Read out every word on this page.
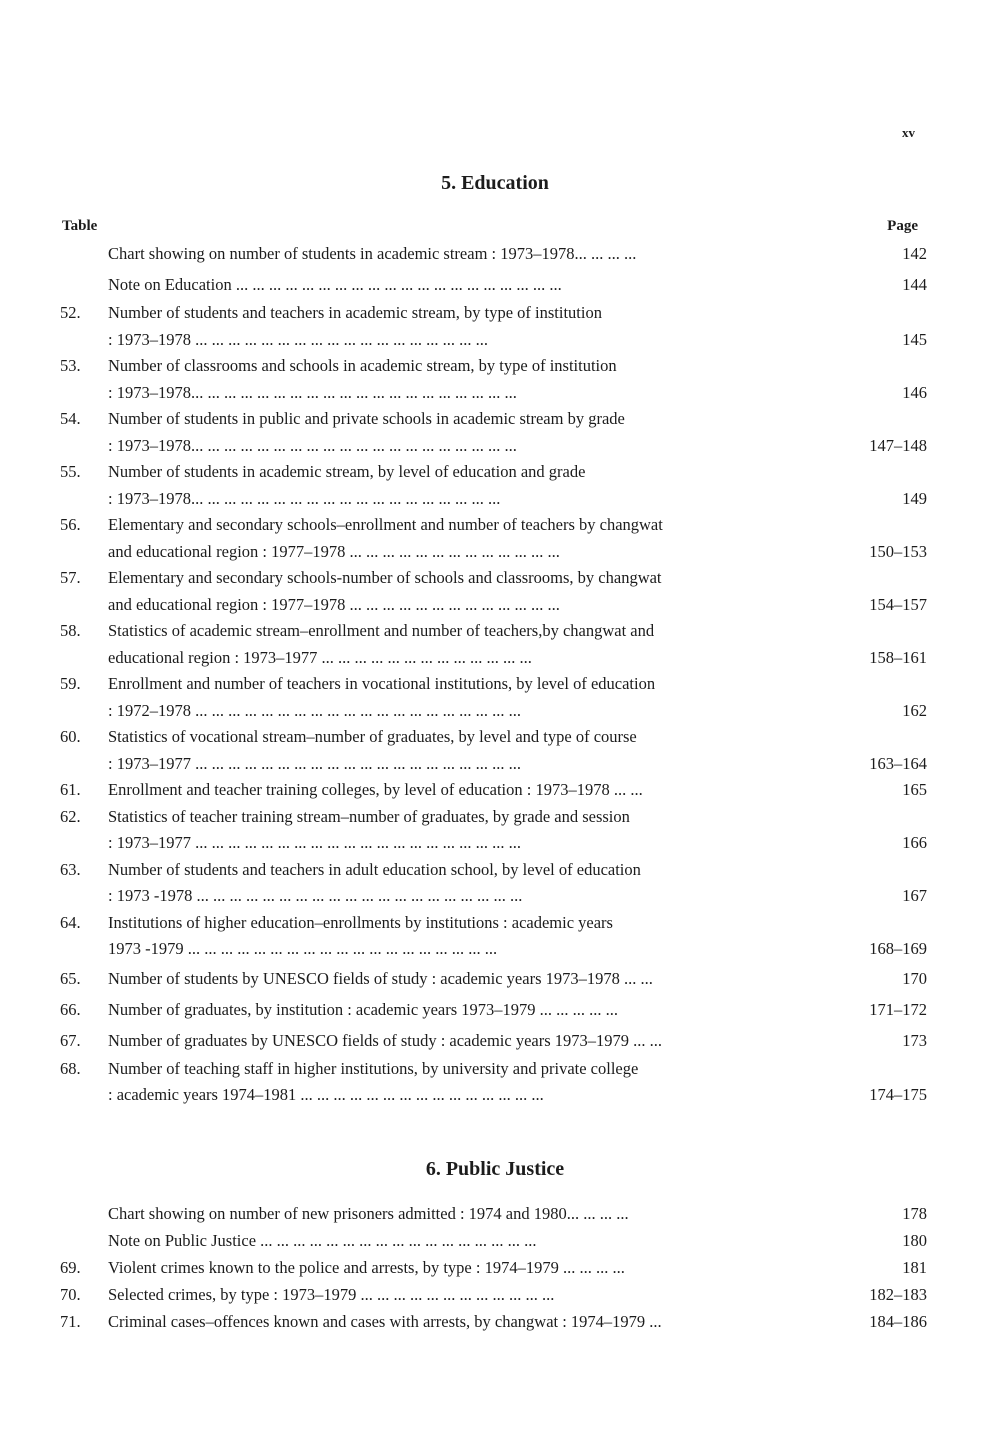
xv
5. Education
Table	Page
Chart showing on number of students in academic stream : 1973–1978... ... ... ...	142
Note on Education ... ... ... ... ... ... ... ... ... ... ... ... ... ... ... ... ... ... ... ...	144
52.	Number of students and teachers in academic stream, by type of institution
: 1973–1978 ... ... ... ... ... ... ... ... ... ... ... ... ... ... ... ... ... ...	145
53.	Number of classrooms and schools in academic stream, by type of institution
: 1973–1978... ... ... ... ... ... ... ... ... ... ... ... ... ... ... ... ... ... ... ...	146
54.	Number of students in public and private schools in academic stream by grade
: 1973–1978... ... ... ... ... ... ... ... ... ... ... ... ... ... ... ... ... ... ... ...	147–148
55.	Number of students in academic stream, by level of education and grade
: 1973–1978... ... ... ... ... ... ... ... ... ... ... ... ... ... ... ... ... ... ...	149
56.	Elementary and secondary schools–enrollment and number of teachers by changwat
and educational region : 1977–1978 ... ... ... ... ... ... ... ... ... ... ... ... ...	150–153
57.	Elementary and secondary schools-number of schools and classrooms, by changwat
and educational region : 1977–1978 ... ... ... ... ... ... ... ... ... ... ... ... ...	154–157
58.	Statistics of academic stream–enrollment and number of teachers,by changwat and
educational region : 1973–1977 ... ... ... ... ... ... ... ... ... ... ... ... ...	158–161
59.	Enrollment and number of teachers in vocational institutions, by level of education
: 1972–1978 ... ... ... ... ... ... ... ... ... ... ... ... ... ... ... ... ... ... ... ...	162
60.	Statistics of vocational stream–number of graduates, by level and type of course
: 1973–1977 ... ... ... ... ... ... ... ... ... ... ... ... ... ... ... ... ... ... ... ...	163–164
61.	Enrollment and teacher training colleges, by level of education : 1973–1978 ... ...	165
62.	Statistics of teacher training stream–number of graduates, by grade and session
: 1973–1977 ... ... ... ... ... ... ... ... ... ... ... ... ... ... ... ... ... ... ... ...	166
63.	Number of students and teachers in adult education school, by level of education
: 1973 -1978 ... ... ... ... ... ... ... ... ... ... ... ... ... ... ... ... ... ... ... ...	167
64.	Institutions of higher education–enrollments by institutions : academic years
1973 -1979 ... ... ... ... ... ... ... ... ... ... ... ... ... ... ... ... ... ... ...	168–169
65.	Number of students by UNESCO fields of study : academic years 1973–1978 ... ...	170
66.	Number of graduates, by institution : academic years 1973–1979 ... ... ... ... ...	171–172
67.	Number of graduates by UNESCO fields of study : academic years 1973–1979 ... ...	173
68.	Number of teaching staff in higher institutions, by university and private college
: academic years 1974–1981 ... ... ... ... ... ... ... ... ... ... ... ... ... ... ...	174–175
6. Public Justice
Chart showing on number of new prisoners admitted : 1974 and 1980... ... ... ...	178
Note on Public Justice ... ... ... ... ... ... ... ... ... ... ... ... ... ... ... ... ...	180
69.	Violent crimes known to the police and arrests, by type : 1974–1979 ... ... ... ...	181
70.	Selected crimes, by type : 1973–1979 ... ... ... ... ... ... ... ... ... ... ... ...	182–183
71.	Criminal cases–offences known and cases with arrests, by changwat : 1974–1979 ...	184–186
